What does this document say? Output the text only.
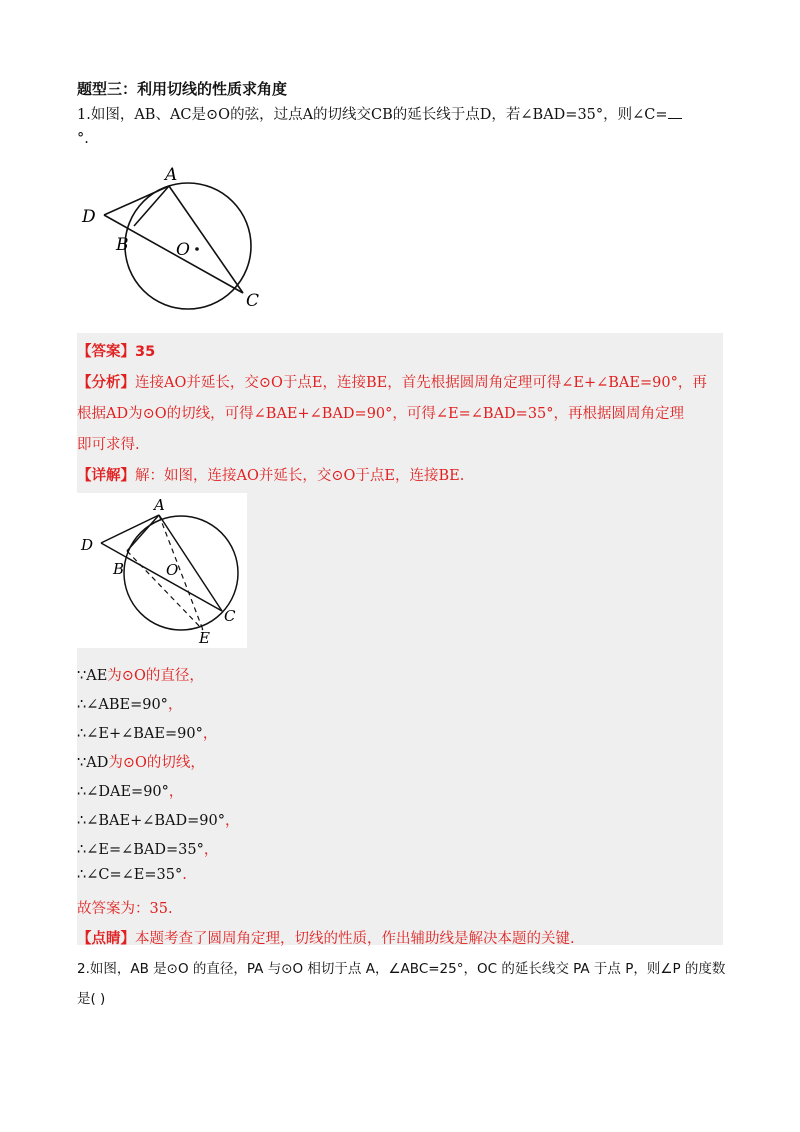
题型三：利用切线的性质求角度
1.如图，AB、AC是⊙O的弦，过点A的切线交CB的延长线于点D，若∠BAD=35°，则∠C=
°.
A
D
B	O
C
【答案】35
【分析】连接AO并延长，交⊙O于点E，连接BE，首先根据圆周角定理可得∠E+∠BAE=90°，再
根据AD为⊙O的切线，可得∠BAE+∠BAD=90°，可得∠E=∠BAD=35°，再根据圆周角定理
即可求得.
【详解】解：如图，连接AO并延长，交⊙O于点E，连接BE.
A
D
B	O
C
E
∵AE为⊙O的直径，
∴∠ABE=90°，
∴∠E+∠BAE=90°，
∵AD为⊙O的切线，
∴∠DAE=90°，
∴∠BAE+∠BAD=90°，
∴∠E=∠BAD=35°，
∴∠C=∠E=35°.
故答案为：35.
【点睛】本题考查了圆周角定理，切线的性质，作出辅助线是解决本题的关键.
2.如图，AB 是⊙O 的直径，PA 与⊙O 相切于点 A，∠ABC=25°，OC 的延长线交 PA 于点 P，则∠P 的度数
是( )
